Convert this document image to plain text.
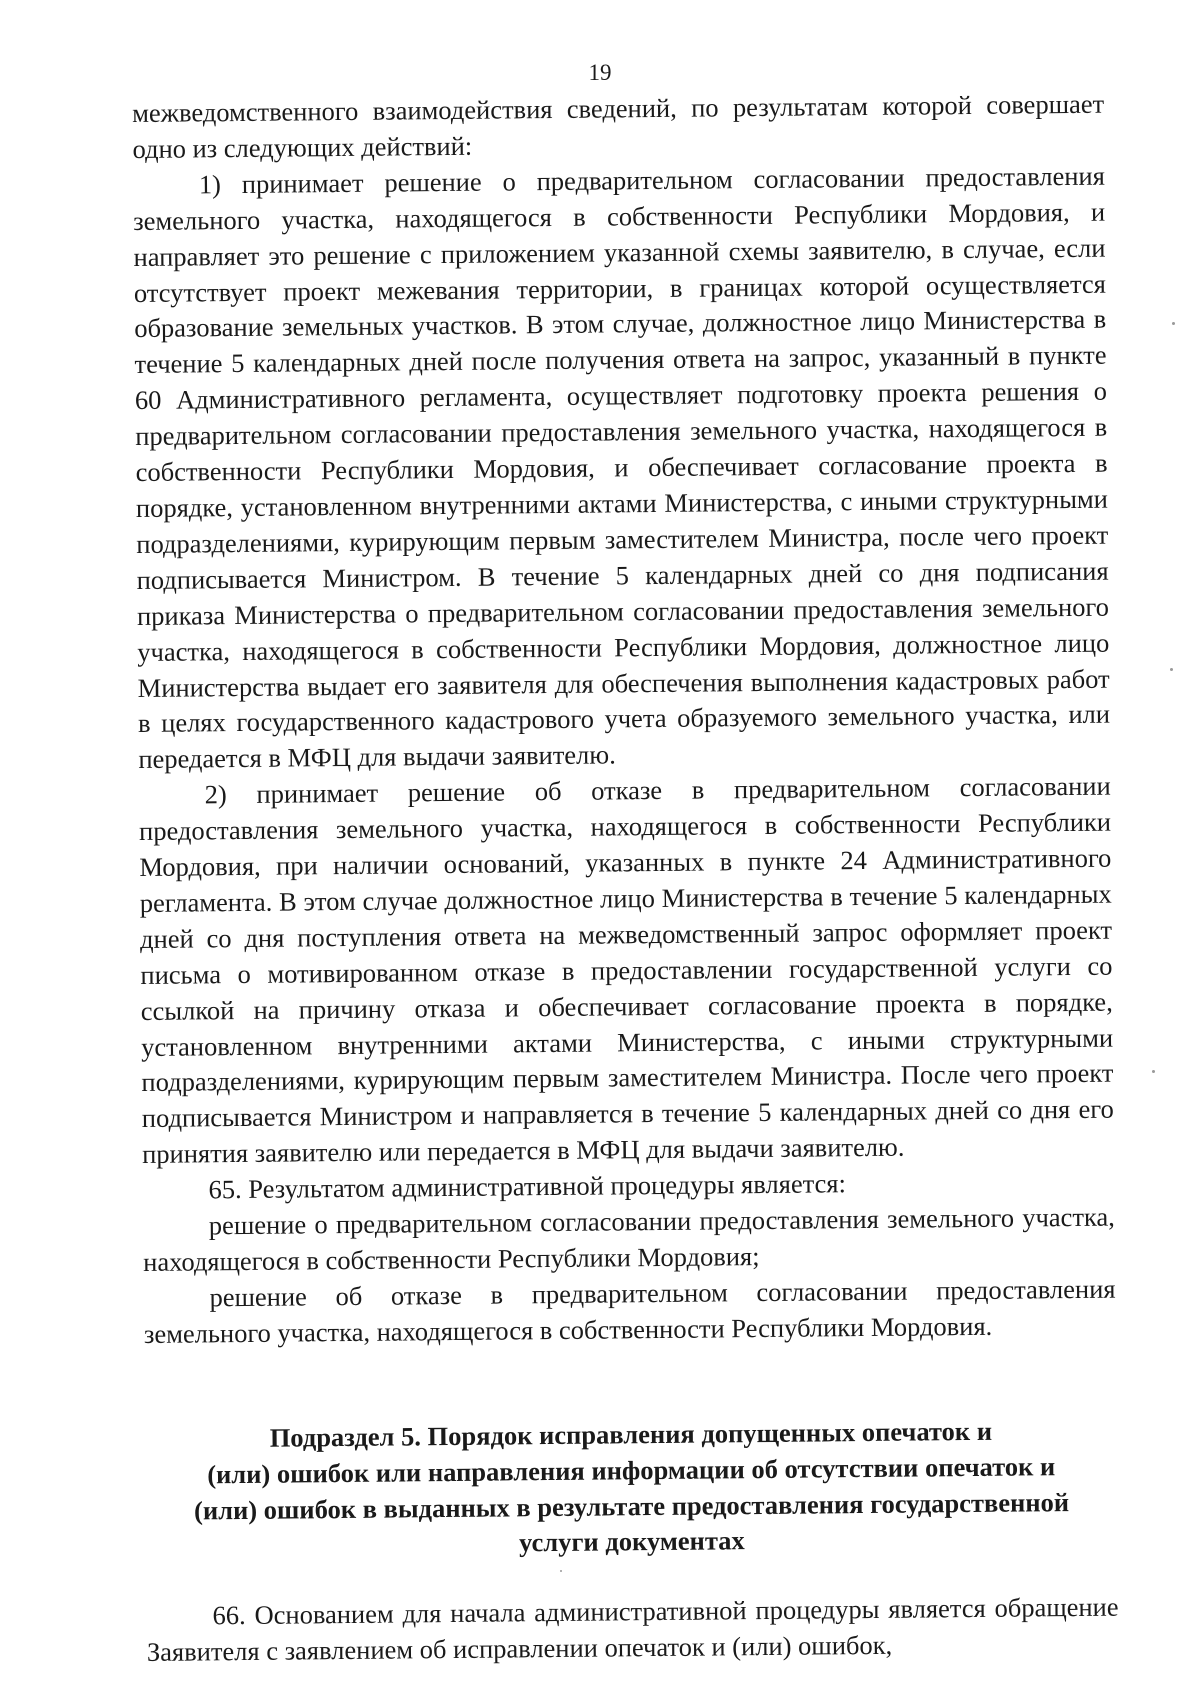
19

межведомственного взаимодействия сведений, по результатам которой совершает одно из следующих действий:

1) принимает решение о предварительном согласовании предоставления земельного участка, находящегося в собственности Республики Мордовия, и направляет это решение с приложением указанной схемы заявителю, в случае, если отсутствует проект межевания территории, в границах которой осуществляется образование земельных участков. В этом случае, должностное лицо Министерства в течение 5 календарных дней после получения ответа на запрос, указанный в пункте 60 Административного регламента, осуществляет подготовку проекта решения о предварительном согласовании предоставления земельного участка, находящегося в собственности Республики Мордовия, и обеспечивает согласование проекта в порядке, установленном внутренними актами Министерства, с иными структурными подразделениями, курирующим первым заместителем Министра, после чего проект подписывается Министром. В течение 5 календарных дней со дня подписания приказа Министерства о предварительном согласовании предоставления земельного участка, находящегося в собственности Республики Мордовия, должностное лицо Министерства выдает его заявителя для обеспечения выполнения кадастровых работ в целях государственного кадастрового учета образуемого земельного участка, или передается в МФЦ для выдачи заявителю.

2) принимает решение об отказе в предварительном согласовании предоставления земельного участка, находящегося в собственности Республики Мордовия, при наличии оснований, указанных в пункте 24 Административного регламента. В этом случае должностное лицо Министерства в течение 5 календарных дней со дня поступления ответа на межведомственный запрос оформляет проект письма о мотивированном отказе в предоставлении государственной услуги со ссылкой на причину отказа и обеспечивает согласование проекта в порядке, установленном внутренними актами Министерства, с иными структурными подразделениями, курирующим первым заместителем Министра. После чего проект подписывается Министром и направляется в течение 5 календарных дней со дня его принятия заявителю или передается в МФЦ для выдачи заявителю.

65. Результатом административной процедуры является:

решение о предварительном согласовании предоставления земельного участка, находящегося в собственности Республики Мордовия;

решение об отказе в предварительном согласовании предоставления земельного участка, находящегося в собственности Республики Мордовия.

Подраздел 5. Порядок исправления допущенных опечаток и
(или) ошибок или направления информации об отсутствии опечаток и
(или) ошибок в выданных в результате предоставления государственной
услуги документах

66. Основанием для начала административной процедуры является обращение Заявителя с заявлением об исправлении опечаток и (или) ошибок,
